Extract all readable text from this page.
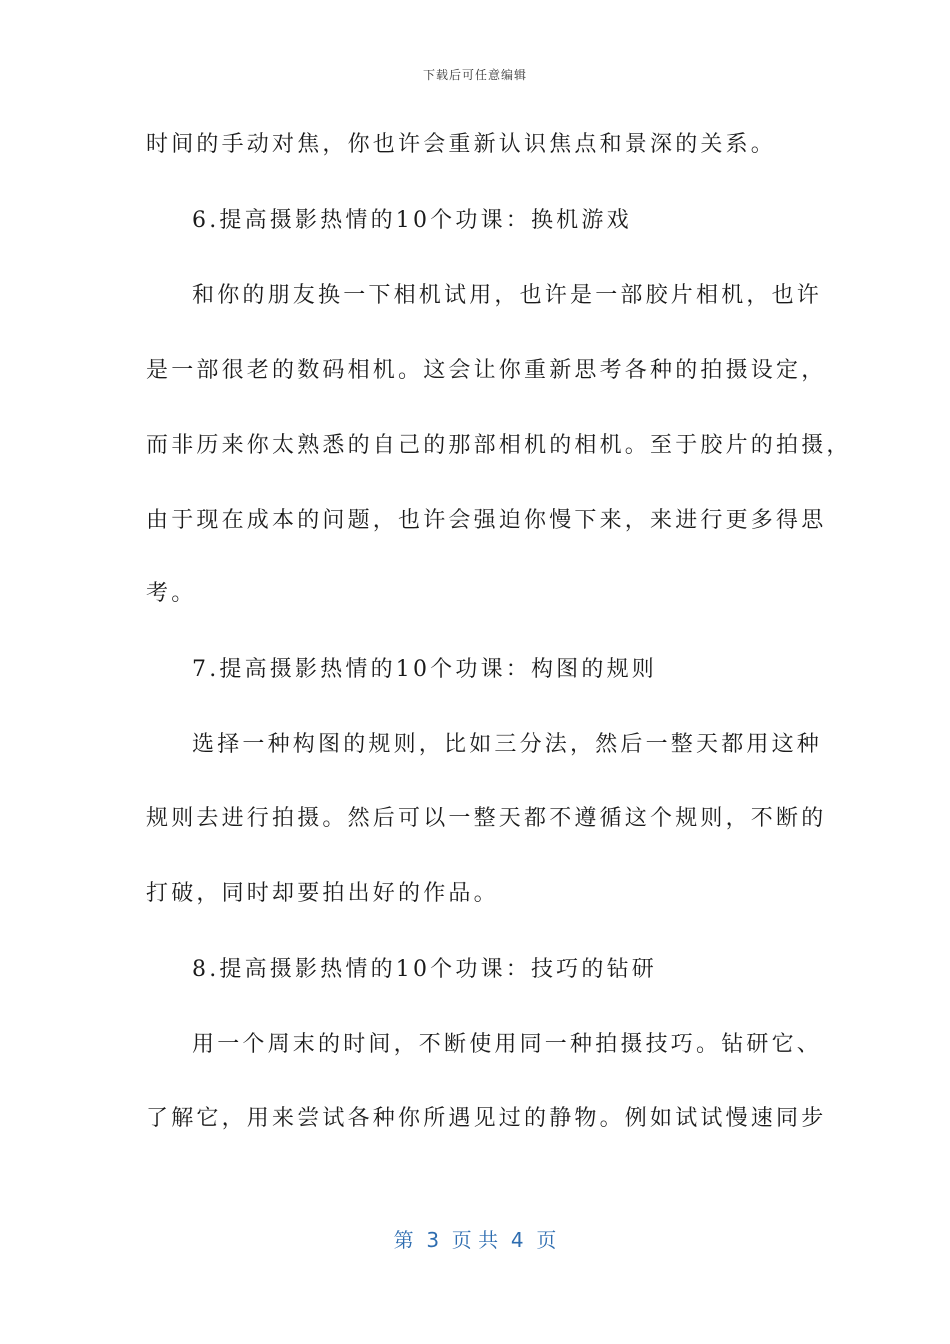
下载后可任意编辑
时间的手动对焦，你也许会重新认识焦点和景深的关系。
6.提高摄影热情的10个功课：换机游戏
和你的朋友换一下相机试用，也许是一部胶片相机，也许
是一部很老的数码相机。这会让你重新思考各种的拍摄设定，
而非历来你太熟悉的自己的那部相机的相机。至于胶片的拍摄，
由于现在成本的问题，也许会强迫你慢下来，来进行更多得思
考。
7.提高摄影热情的10个功课：构图的规则
选择一种构图的规则，比如三分法，然后一整天都用这种
规则去进行拍摄。然后可以一整天都不遵循这个规则，不断的
打破，同时却要拍出好的作品。
8.提高摄影热情的10个功课：技巧的钻研
用一个周末的时间，不断使用同一种拍摄技巧。钻研它、
了解它，用来尝试各种你所遇见过的静物。例如试试慢速同步
第  3  页 共  4  页
